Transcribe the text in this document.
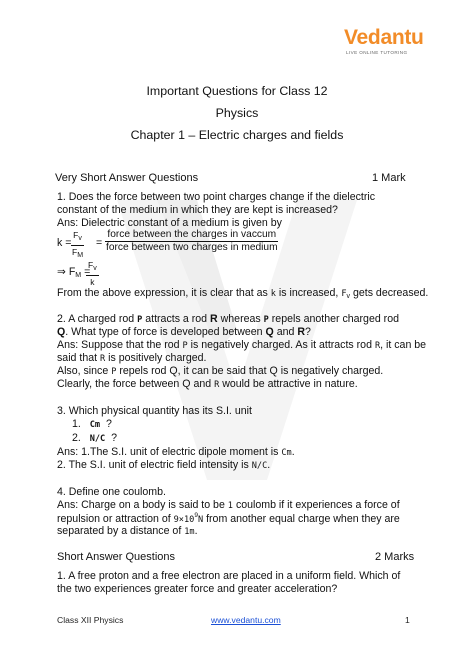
Vedantu
LIVE ONLINE TUTORING
Important Questions for Class 12
Physics
Chapter 1 – Electric charges and fields
Very Short Answer Questions	1 Mark
1. Does the force between two point charges change if the dielectric
constant of the medium in which they are kept is increased?
Ans: Dielectric constant of a medium is given by
k =
$\frac{F_v}{F_M}$ =
force between the charges in vaccum
force between two charges in medium
⇒ $F_M$ =
$\frac{F_v}{k}$
From the above expression, it is clear that as k is increased, $F_v$ gets decreased.
2. A charged rod P attracts a rod R whereas P repels another charged rod
Q. What type of force is developed between Q and R?
Ans: Suppose that the rod P is negatively charged. As it attracts rod R, it can be
said that R is positively charged.
Also, since P repels rod Q, it can be said that Q is negatively charged.
Clearly, the force between Q and R would be attractive in nature.
3. Which physical quantity has its S.I. unit
1. Cm ?
2. N/C ?
Ans: 1.The S.I. unit of electric dipole moment is Cm.
2. The S.I. unit of electric field intensity is N/C.
4. Define one coulomb.
Ans: Charge on a body is said to be 1 coulomb if it experiences a force of
repulsion or attraction of $9\times 10^9N$ from another equal charge when they are
separated by a distance of 1m.
Short Answer Questions	2 Marks
1. A free proton and a free electron are placed in a uniform field. Which of
the two experiences greater force and greater acceleration?
Class XII Physics	www.vedantu.com	1
